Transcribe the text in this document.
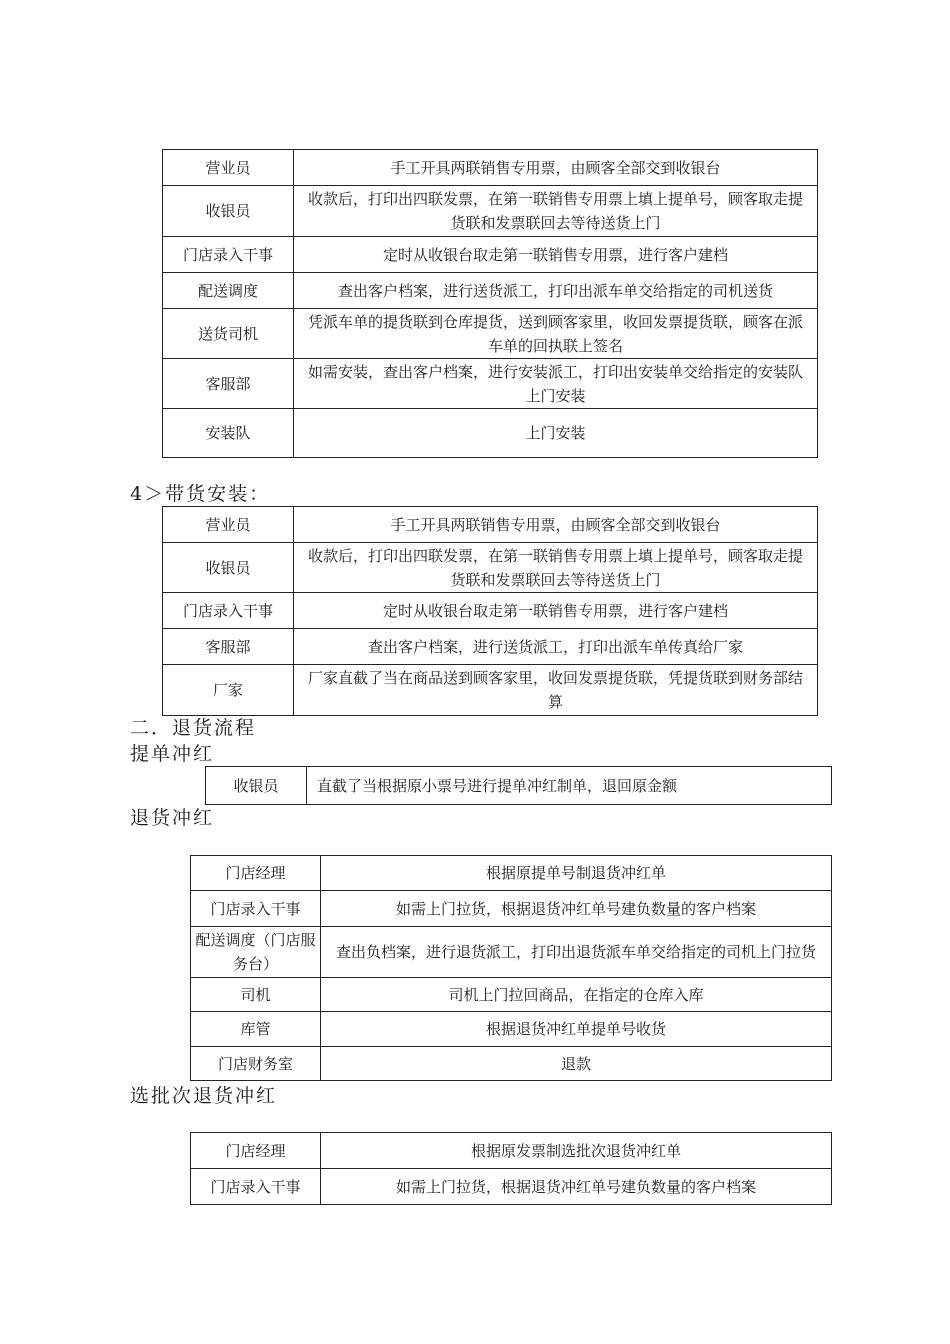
营业员	手工开具两联销售专用票，由顾客全部交到收银台
收银员	收款后，打印出四联发票，在第一联销售专用票上填上提单号，顾客取走提货联和发票联回去等待送货上门
门店录入干事	定时从收银台取走第一联销售专用票，进行客户建档
配送调度	查出客户档案，进行送货派工，打印出派车单交给指定的司机送货
送货司机	凭派车单的提货联到仓库提货，送到顾客家里，收回发票提货联，顾客在派车单的回执联上签名
客服部	如需安装，查出客户档案，进行安装派工，打印出安装单交给指定的安装队上门安装
安装队	上门安装
4＞带货安装：
营业员	手工开具两联销售专用票，由顾客全部交到收银台
收银员	收款后，打印出四联发票，在第一联销售专用票上填上提单号，顾客取走提货联和发票联回去等待送货上门
门店录入干事	定时从收银台取走第一联销售专用票，进行客户建档
客服部	查出客户档案，进行送货派工，打印出派车单传真给厂家
厂家	厂家直截了当在商品送到顾客家里，收回发票提货联，凭提货联到财务部结算
二．退货流程
提单冲红
收银员	直截了当根据原小票号进行提单冲红制单，退回原金额
退货冲红
门店经理	根据原提单号制退货冲红单
门店录入干事	如需上门拉货，根据退货冲红单号建负数量的客户档案
配送调度（门店服务台）	查出负档案，进行退货派工，打印出退货派车单交给指定的司机上门拉货
司机	司机上门拉回商品，在指定的仓库入库
库管	根据退货冲红单提单号收货
门店财务室	退款
选批次退货冲红
门店经理	根据原发票制选批次退货冲红单
门店录入干事	如需上门拉货，根据退货冲红单号建负数量的客户档案
